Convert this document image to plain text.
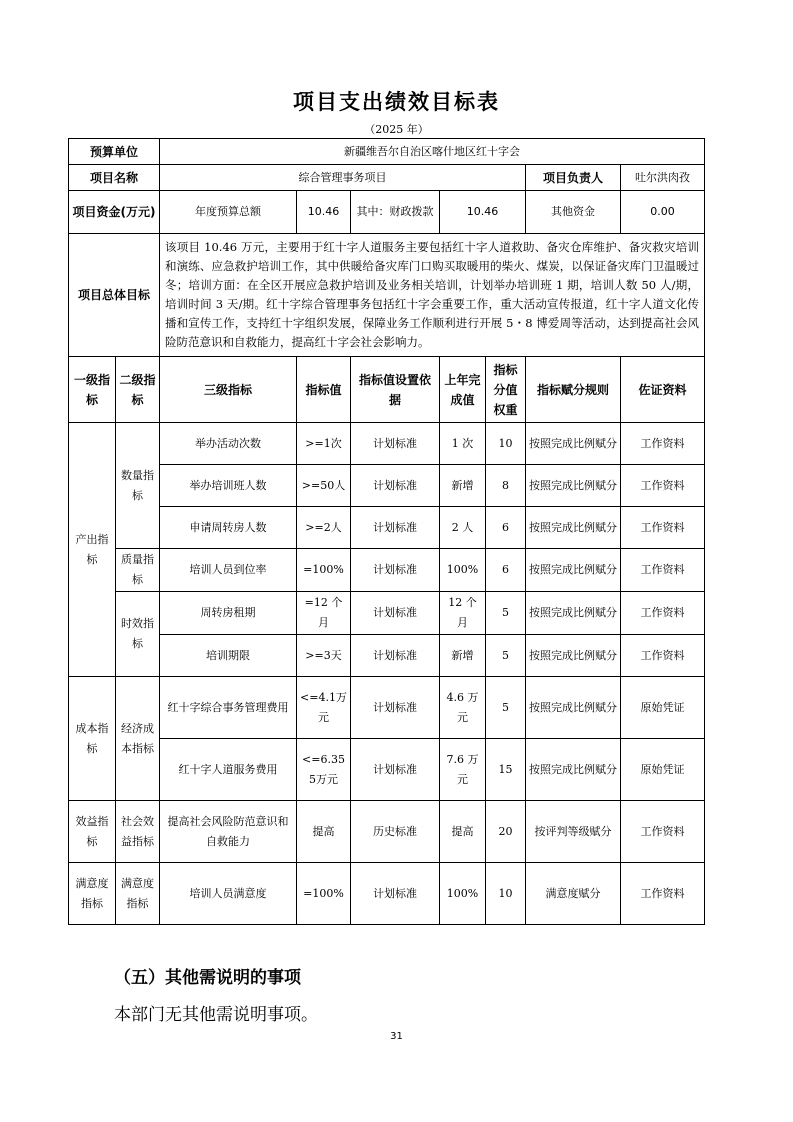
项目支出绩效目标表
（2025 年）
预算单位		新疆维吾尔自治区喀什地区红十字会						
项目名称		综合管理事务项目					项目负责人	吐尔洪肉孜
项目资金(万元)		年度预算总额	10.46	其中：财政拨款	10.46		其他资金	0.00
项目总体目标		该项目 10.46 万元，主要用于红十字人道服务主要包括红十字人道救助、备灾仓库维护、备灾救灾培训和演练、应急救护培训工作，其中供暖给备灾库门口购买取暖用的柴火、煤炭，以保证备灾库门卫温暖过冬；培训方面：在全区开展应急救护培训及业务相关培训，计划举办培训班 1 期，培训人数 50 人/期，培训时间 3 天/期。红十字综合管理事务包括红十字会重要工作，重大活动宣传报道，红十字人道文化传播和宣传工作，支持红十字组织发展，保障业务工作顺利进行开展 5・8 博爱周等活动，达到提高社会风险防范意识和自救能力，提高红十字会社会影响力。						
一级指标	二级指标	三级指标	指标值	指标值设置依据	上年完成值	指标分值权重	指标赋分规则	佐证资料
产出指标	数量指标	举办活动次数	>=1次	计划标准	1 次	10	按照完成比例赋分	工作资料
		举办培训班人数	>=50人	计划标准	新增	8	按照完成比例赋分	工作资料
		申请周转房人数	>=2人	计划标准	2 人	6	按照完成比例赋分	工作资料
	质量指标	培训人员到位率	=100%	计划标准	100%	6	按照完成比例赋分	工作资料
	时效指标	周转房租期	=12 个月	计划标准	12 个月	5	按照完成比例赋分	工作资料
		培训期限	>=3天	计划标准	新增	5	按照完成比例赋分	工作资料
成本指标	经济成本指标	红十字综合事务管理费用	<=4.1万元	计划标准	4.6 万元	5	按照完成比例赋分	原始凭证
		红十字人道服务费用	<=6.355万元	计划标准	7.6 万元	15	按照完成比例赋分	原始凭证
效益指标	社会效益指标	提高社会风险防范意识和自救能力	提高	历史标准	提高	20	按评判等级赋分	工作资料
满意度指标	满意度指标	培训人员满意度	=100%	计划标准	100%	10	满意度赋分	工作资料
（五）其他需说明的事项
本部门无其他需说明事项。
31
